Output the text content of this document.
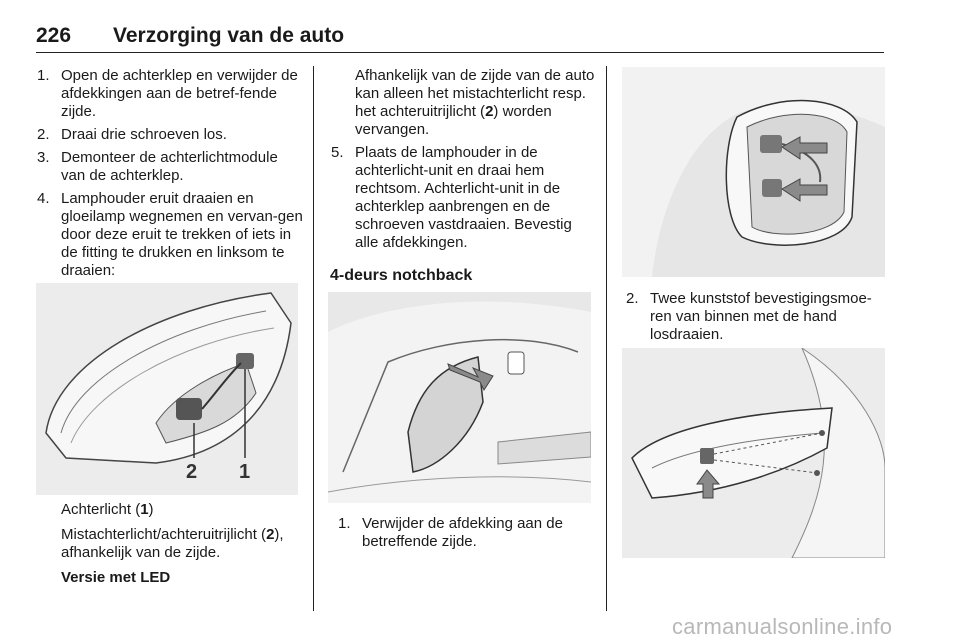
226 Verzorging van de auto
1. Open de achterklep en verwijder de afdekkingen aan de betref-fende zijde.
2. Draai drie schroeven los.
3. Demonteer de achterlichtmodule van de achterklep.
4. Lamphouder eruit draaien en gloeilamp wegnemen en vervan-gen door deze eruit te trekken of iets in de fitting te drukken en linksom te draaien:
2 1

Achterlicht (1)

Mistachterlicht/achteruitrijlicht (2), afhankelijk van de zijde.

Versie met LED

Afhankelijk van de zijde van de auto kan alleen het mistachterlicht resp. het achteruitrijlicht (2) worden vervangen.

5. Plaats de lamphouder in de achterlicht-unit en draai hem rechtsom. Achterlicht-unit in de achterklep aanbrengen en de schroeven vastdraaien. Bevestig alle afdekkingen.

4-deurs notchback

1. Verwijder de afdekking aan de betreffende zijde.
2. Twee kunststof bevestigingsmoe-ren van binnen met de hand losdraaien.
carmanualsonline.info
